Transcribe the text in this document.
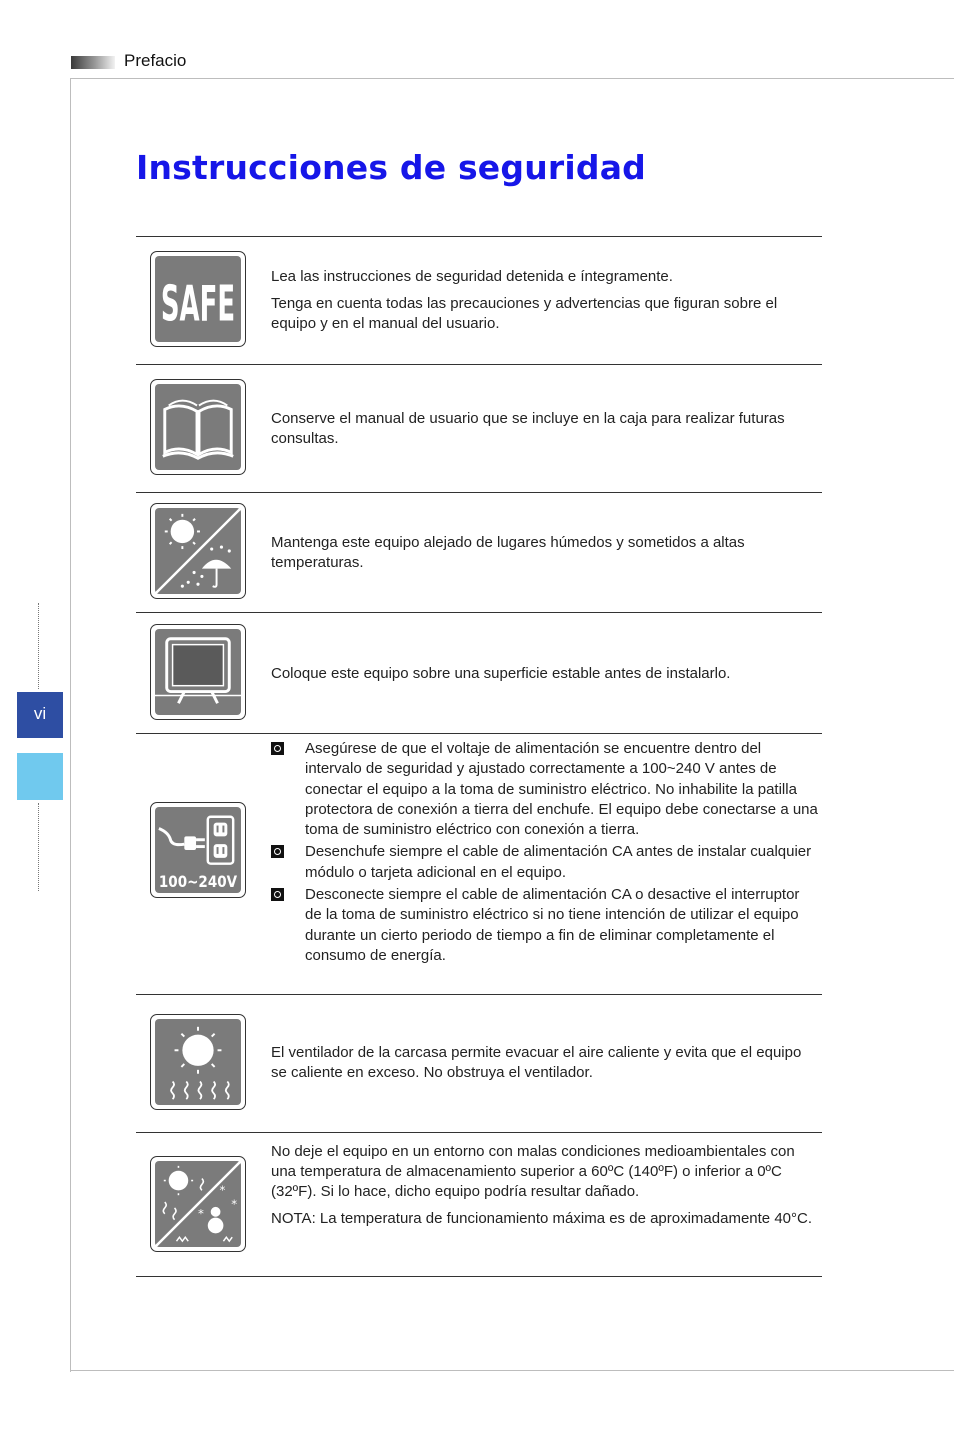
Prefacio
vi
Instrucciones de seguridad
SAFE Lea las instrucciones de seguridad detenida e íntegramente.

Tenga en cuenta todas las precauciones y advertencias que figuran sobre el equipo y en el manual del usuario.

Conserve el manual de usuario que se incluye en la caja para realizar futuras consultas.

Mantenga este equipo alejado de lugares húmedos y sometidos a altas temperaturas.

Coloque este equipo sobre una superficie estable antes de instalarlo.

100~240V
Asegúrese de que el voltaje de alimentación se encuentre dentro del intervalo de seguridad y ajustado correctamente a 100~240 V antes de conectar el equipo a la toma de suministro eléctrico. No inhabilite la patilla protectora de conexión a tierra del enchufe. El equipo debe conectarse a una toma de suministro eléctrico con conexión a tierra.
Desenchufe siempre el cable de alimentación CA antes de instalar cualquier módulo o tarjeta adicional en el equipo.
Desconecte siempre el cable de alimentación CA o desactive el interruptor de la toma de suministro eléctrico si no tiene intención de utilizar el equipo durante un cierto periodo de tiempo a fin de eliminar completamente el consumo de energía.

El ventilador de la carcasa permite evacuar el aire caliente y evita que el equipo se caliente en exceso. No obstruya el ventilador.

*
*
*

No deje el equipo en un entorno con malas condiciones medioambientales con una temperatura de almacenamiento superior a 60ºC (140ºF) o inferior a 0ºC (32ºF). Si lo hace, dicho equipo podría resultar dañado.

NOTA: La temperatura de funcionamiento máxima es de aproximadamente 40°C.
